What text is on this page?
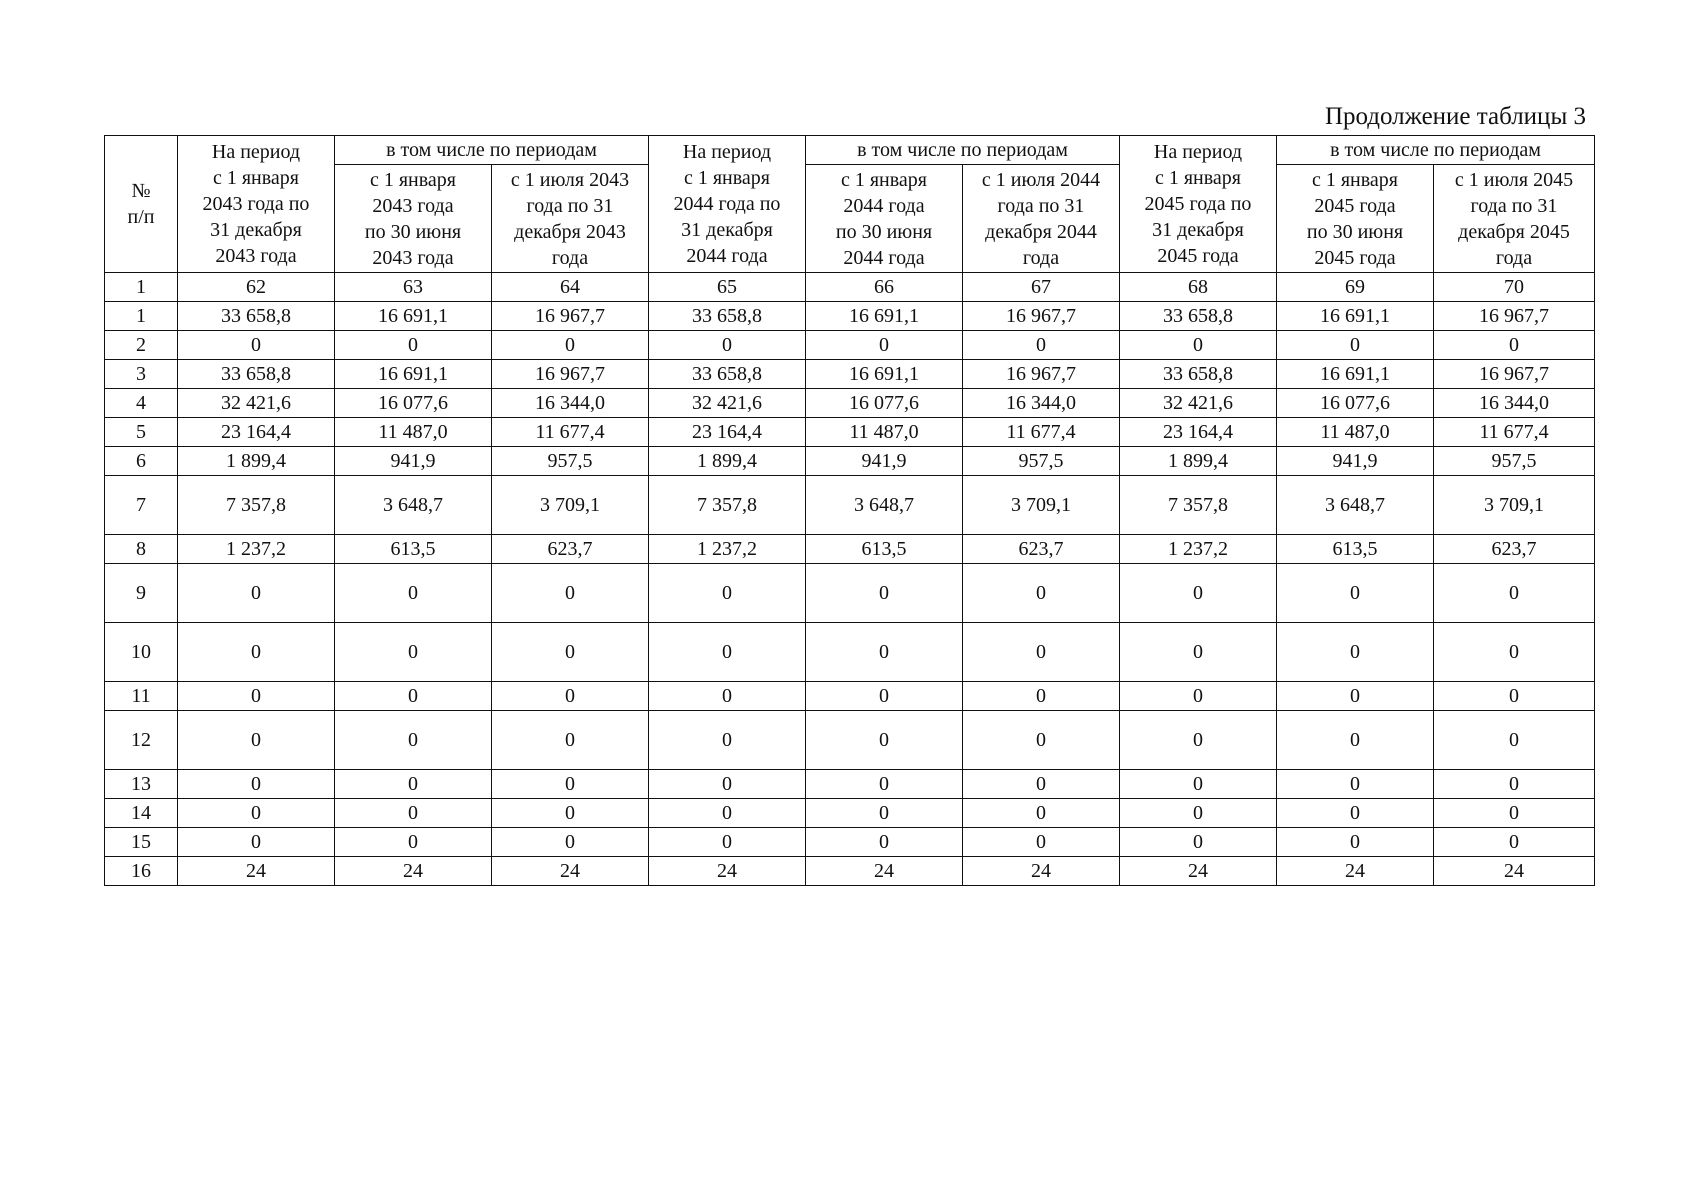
Продолжение таблицы 3
№
п/п	На период
с 1 января
2043 года по
31 декабря
2043 года	в том числе по периодам		На период
с 1 января
2044 года по
31 декабря
2044 года	в том числе по периодам		На период
с 1 января
2045 года по
31 декабря
2045 года	в том числе по периодам	

		с 1 января
2043 года
по 30 июня
2043 года	с 1 июля 2043
года по 31
декабря 2043
года		с 1 января
2044 года
по 30 июня
2044 года	с 1 июля 2044
года по 31
декабря 2044
года		с 1 января
2045 года
по 30 июня
2045 года	с 1 июля 2045
года по 31
декабря 2045
года

1	62	63	64	65	66	67	68	69	70
1	33 658,8	16 691,1	16 967,7	33 658,8	16 691,1	16 967,7	33 658,8	16 691,1	16 967,7
2	0	0	0	0	0	0	0	0	0
3	33 658,8	16 691,1	16 967,7	33 658,8	16 691,1	16 967,7	33 658,8	16 691,1	16 967,7
4	32 421,6	16 077,6	16 344,0	32 421,6	16 077,6	16 344,0	32 421,6	16 077,6	16 344,0
5	23 164,4	11 487,0	11 677,4	23 164,4	11 487,0	11 677,4	23 164,4	11 487,0	11 677,4
6	1 899,4	941,9	957,5	1 899,4	941,9	957,5	1 899,4	941,9	957,5
7	7 357,8	3 648,7	3 709,1	7 357,8	3 648,7	3 709,1	7 357,8	3 648,7	3 709,1
8	1 237,2	613,5	623,7	1 237,2	613,5	623,7	1 237,2	613,5	623,7
9	0	0	0	0	0	0	0	0	0
10	0	0	0	0	0	0	0	0	0
11	0	0	0	0	0	0	0	0	0
12	0	0	0	0	0	0	0	0	0
13	0	0	0	0	0	0	0	0	0
14	0	0	0	0	0	0	0	0	0
15	0	0	0	0	0	0	0	0	0
16	24	24	24	24	24	24	24	24	24
